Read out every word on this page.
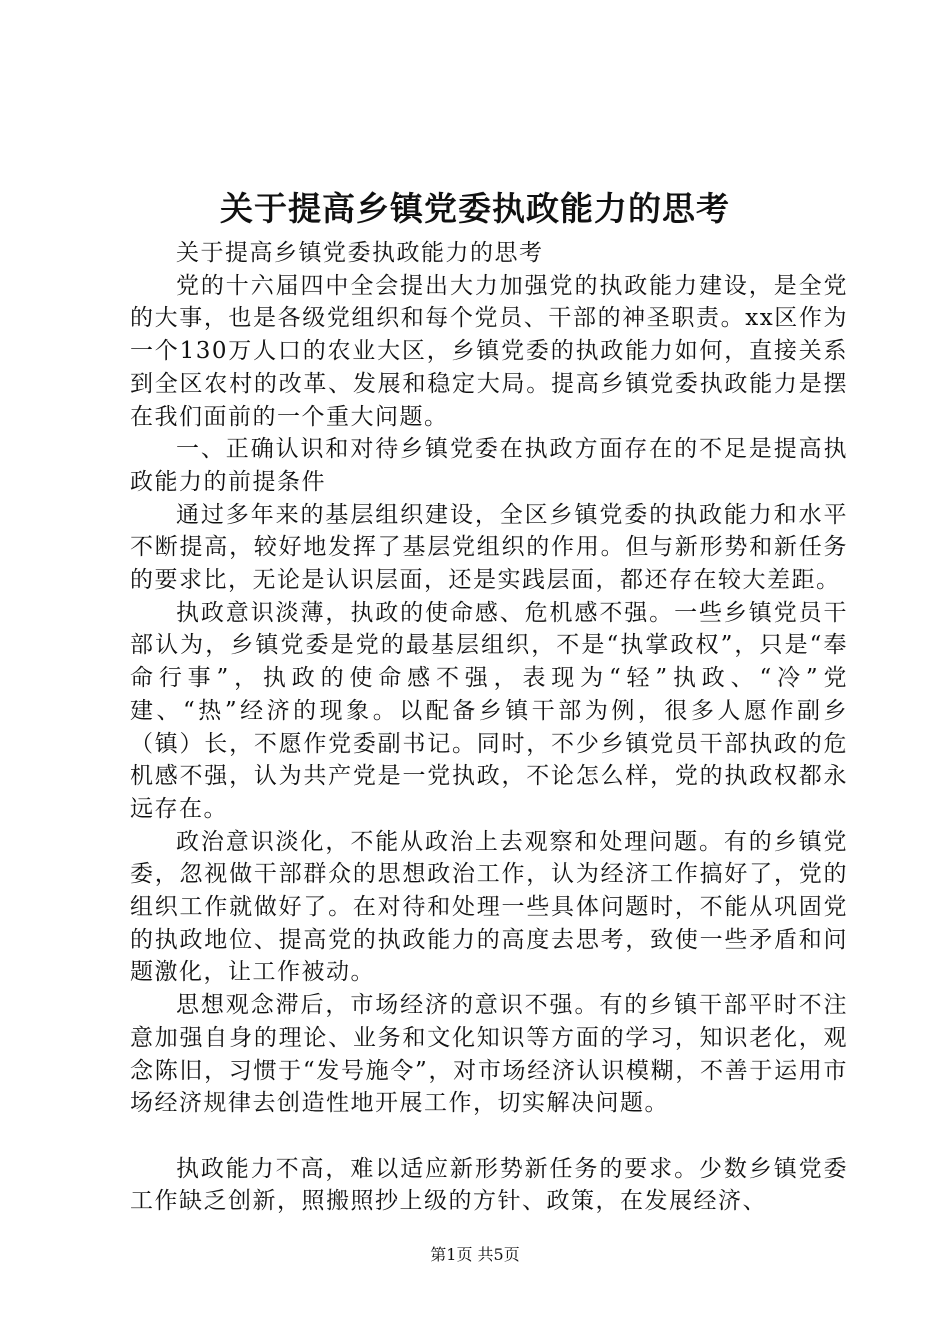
关于提高乡镇党委执政能力的思考

关于提高乡镇党委执政能力的思考

党的十六届四中全会提出大力加强党的执政能力建设，是全党的大事，也是各级党组织和每个党员、干部的神圣职责。xx区作为一个130万人口的农业大区，乡镇党委的执政能力如何，直接关系到全区农村的改革、发展和稳定大局。提高乡镇党委执政能力是摆在我们面前的一个重大问题。

一、正确认识和对待乡镇党委在执政方面存在的不足是提高执政能力的前提条件

通过多年来的基层组织建设，全区乡镇党委的执政能力和水平不断提高，较好地发挥了基层党组织的作用。但与新形势和新任务的要求比，无论是认识层面，还是实践层面，都还存在较大差距。

执政意识淡薄，执政的使命感、危机感不强。一些乡镇党员干部认为，乡镇党委是党的最基层组织，不是“执掌政权”，只是“奉命行事”，执政的使命感不强，表现为“轻”执政、“冷”党建、“热”经济的现象。以配备乡镇干部为例，很多人愿作副乡（镇）长，不愿作党委副书记。同时，不少乡镇党员干部执政的危机感不强，认为共产党是一党执政，不论怎么样，党的执政权都永远存在。

政治意识淡化，不能从政治上去观察和处理问题。有的乡镇党委，忽视做干部群众的思想政治工作，认为经济工作搞好了，党的组织工作就做好了。在对待和处理一些具体问题时，不能从巩固党的执政地位、提高党的执政能力的高度去思考，致使一些矛盾和问题激化，让工作被动。

思想观念滞后，市场经济的意识不强。有的乡镇干部平时不注意加强自身的理论、业务和文化知识等方面的学习，知识老化，观念陈旧，习惯于“发号施令”，对市场经济认识模糊，不善于运用市场经济规律去创造性地开展工作，切实解决问题。

执政能力不高，难以适应新形势新任务的要求。少数乡镇党委工作缺乏创新，照搬照抄上级的方针、政策，在发展经济、

第1页 共5页
